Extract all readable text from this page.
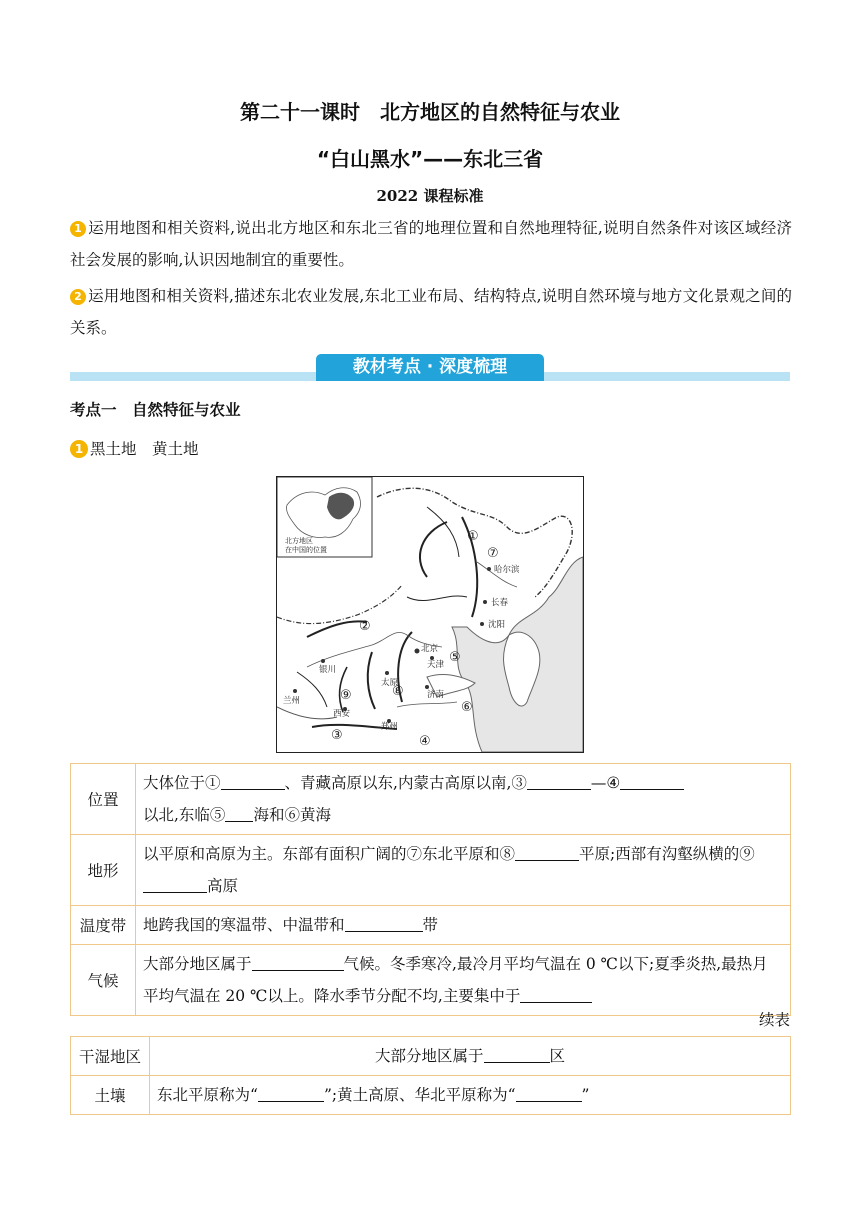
第二十一课时　北方地区的自然特征与农业
“白山黑水”——东北三省
2022 课程标准
1 运用地图和相关资料,说出北方地区和东北三省的地理位置和自然地理特征,说明自然条件对该区域经济社会发展的影响,认识因地制宜的重要性。
2 运用地图和相关资料,描述东北农业发展,东北工业布局、结构特点,说明自然环境与地方文化景观之间的关系。
教材考点 · 深度梳理
考点一　自然特征与农业
1 黑土地　黄土地
北方地区
在中国的位置
哈尔滨
长春
沈阳
北京
天津
银川
太原
济南
兰州
西安
郑州
①
②
③	④
⑤
⑥
⑦
⑧
⑨
位置	大体位于① 、青藏高原以东,内蒙古高原以南,③ —④
以北,东临⑤ 海和⑥黄海
地形	以平原和高原为主。东部有面积广阔的⑦东北平原和⑧ 平原;西部有沟壑纵横的⑨高原
温度带	地跨我国的寒温带、中温带和 带
气候	大部分地区属于 气候。冬季寒冷,最冷月平均气温在 0 ℃以下;夏季炎热,最热月平均气温在 20 ℃以上。降水季节分配不均,主要集中于
续表
干湿地区	大部分地区属于 区
土壤	东北平原称为“ ”;黄土高原、华北平原称为“ ”
